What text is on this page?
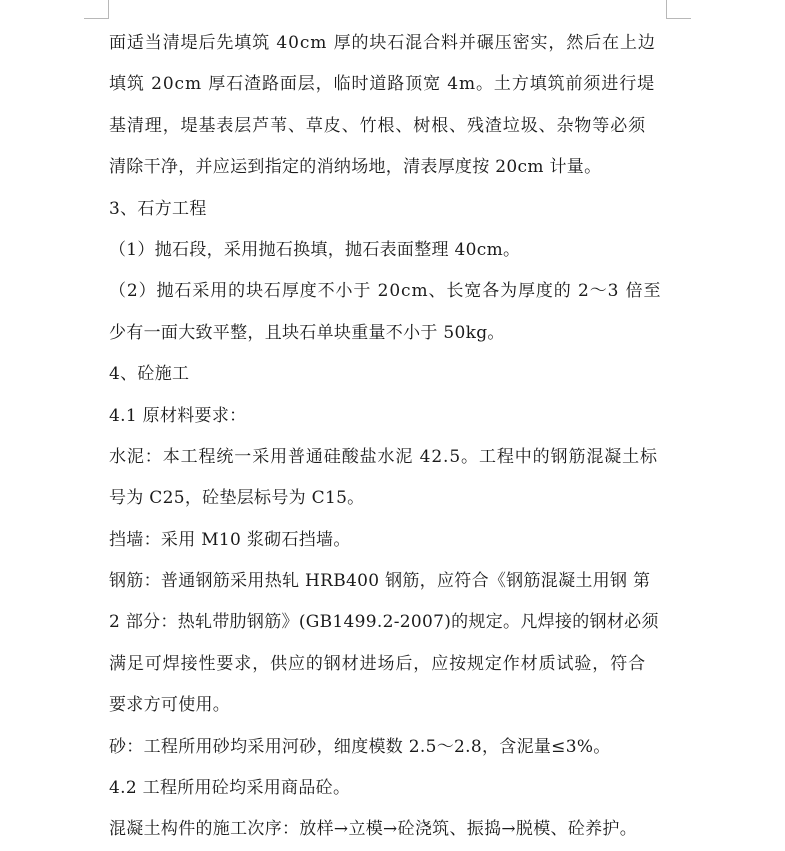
面适当清堤后先填筑 40cm 厚的块石混合料并碾压密实，然后在上边
填筑 20cm 厚石渣路面层，临时道路顶宽 4m。土方填筑前须进行堤
基清理，堤基表层芦苇、草皮、竹根、树根、残渣垃圾、杂物等必须
清除干净，并应运到指定的消纳场地，清表厚度按 20cm 计量。
3、石方工程
（1）抛石段，采用抛石换填，抛石表面整理 40cm。
（2）抛石采用的块石厚度不小于 20cm、长宽各为厚度的 2～3 倍至
少有一面大致平整，且块石单块重量不小于 50kg。
4、砼施工
4.1 原材料要求：
水泥：本工程统一采用普通硅酸盐水泥 42.5。工程中的钢筋混凝土标
号为 C25，砼垫层标号为 C15。
挡墙：采用 M10 浆砌石挡墙。
钢筋：普通钢筋采用热轧 HRB400 钢筋，应符合《钢筋混凝土用钢 第
2 部分：热轧带肋钢筋》(GB1499.2-2007)的规定。凡焊接的钢材必须
满足可焊接性要求，供应的钢材进场后，应按规定作材质试验，符合
要求方可使用。
砂：工程所用砂均采用河砂，细度模数 2.5～2.8，含泥量≤3%。
4.2 工程所用砼均采用商品砼。
混凝土构件的施工次序：放样→立模→砼浇筑、振捣→脱模、砼养护。
